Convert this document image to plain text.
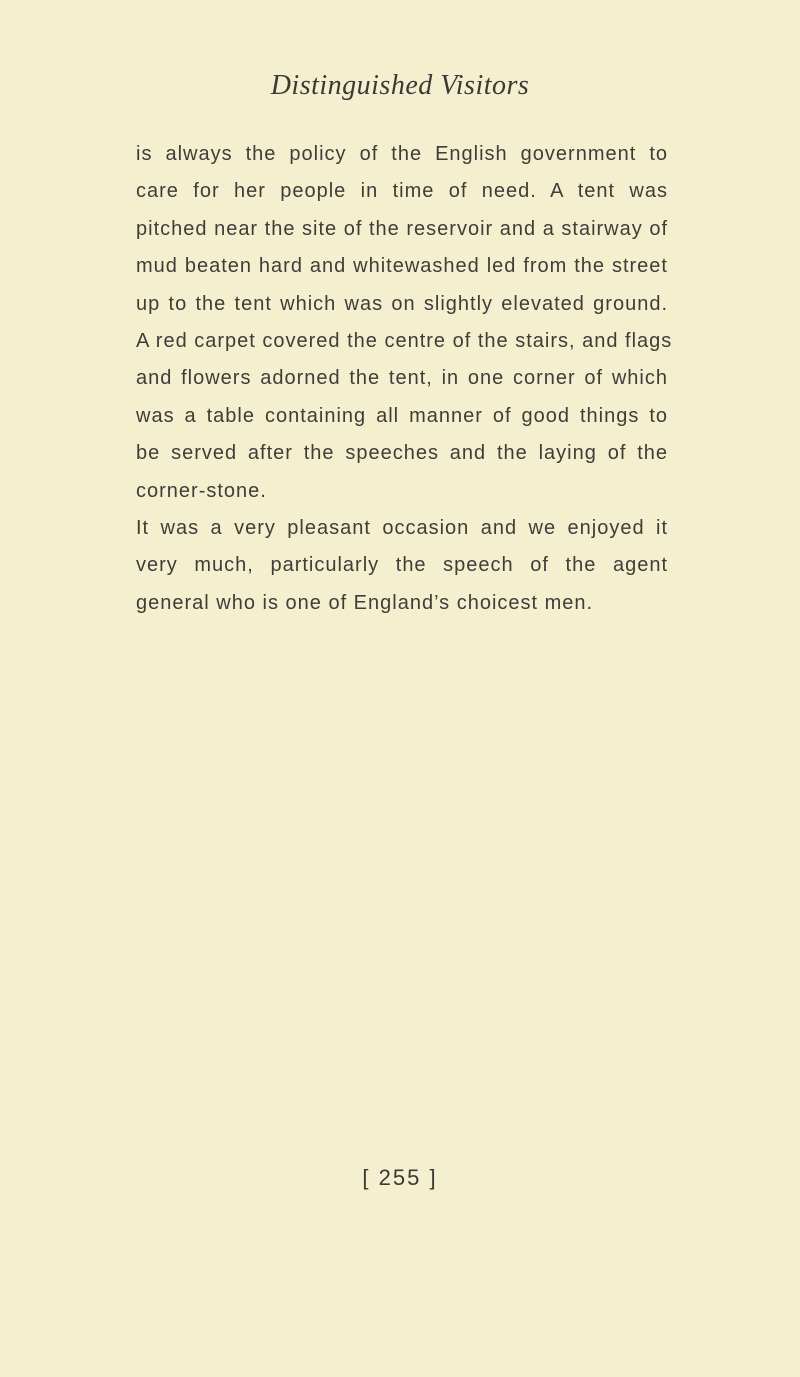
Distinguished Visitors
is always the policy of the English government to
care for her people in time of need. A tent was
pitched near the site of the reservoir and a stairway of
mud beaten hard and whitewashed led from the street
up to the tent which was on slightly elevated ground.
A red carpet covered the centre of the stairs, and flags
and flowers adorned the tent, in one corner of which
was a table containing all manner of good things to
be served after the speeches and the laying of the
corner-stone.
It was a very pleasant occasion and we enjoyed it
very much, particularly the speech of the agent
general who is one of England’s choicest men.
[ 255 ]
